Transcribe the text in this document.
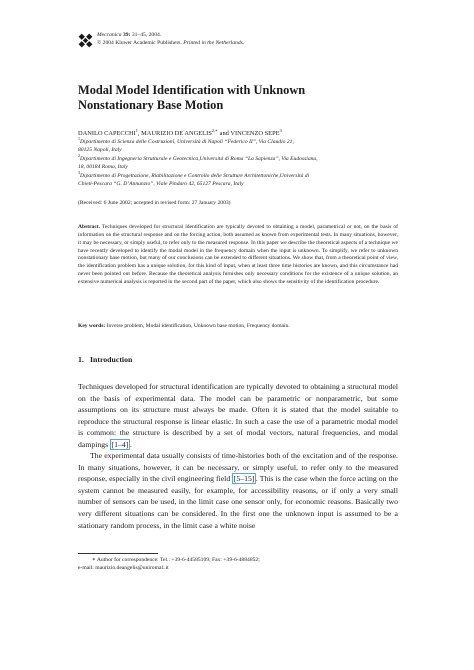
Meccanica 39: 31–45, 2004.
© 2004 Kluwer Academic Publishers. Printed in the Netherlands.
Modal Model Identification with Unknown
Nonstationary Base Motion
DANILO CAPECCHI$^1$, MAURIZIO DE $ANGELIS^{2,∗}$ and VINCENZO SEPE$^3$
$^1$Dipartimento di Scienza delle Costruzioni, Università di Napoli “Federico II”, Via Claudio 21,
80125 Napoli, Italy
$^2$Dipartimento di Ingegneria Strutturale e Geotecnica,Università di Roma “La Sapienza”, Via Eudossiana,
18, 00184 Roma, Italy
$^3$Dipartimento di Progettazione, Riabilitazione e Controllo delle Strutture Architettoniche,Università di
Chieti-Pescara “G. D’Annunzio”, Viale Pindaro 42, 65127 Pescara, Italy
(Received: 6 June 2002; accepted in revised form: 27 January 2003)
Abstract. Techniques developed for structural identification are typically devoted to obtaining a model, parametrical or not, on the basis of information on the structural response and on the forcing action, both assumed as known from experimental tests. In many situations, however, it may be necessary, or simply useful, to refer only to the measured response. In this paper we describe the theoretical aspects of a technique we have recently developed to identify the modal model in the frequency domain when the input is unknown. To simplify, we refer to unknown nonstationary base motion, but many of our conclusions can be extended to different situations. We show that, from a theoretical point of view, the identification problem has a unique solution, for this kind of input, when at least three time histories are known, and this circumstance had never been pointed out before. Because the theoretical analysis furnishes only necessary conditions for the existence of a unique solution, an extensive numerical analysis is reported in the second part of the paper, which also shows the sensitivity of the identification procedure.
Key words: Inverse problem, Modal identification, Unknown base motion, Frequency domain.
1. Introduction

Techniques developed for structural identification are typically devoted to obtaining a structural model on the basis of experimental data. The model can be parametric or nonparametric, but some assumptions on its structure must always be made. Often it is stated that the model suitable to reproduce the structural response is linear elastic. In such a case the use of a parametric modal model is common: the structure is described by a set of modal vectors, natural frequencies, and modal dampings [1–4] .

The experimental data usually consists of time-histories both of the excitation and of the response. In many situations, however, it can be necessary, or simply useful, to refer only to the measured response, especially in the civil engineering field [5–15] . This is the case when the force acting on the system cannot be measured easily, for example, for accessibility reasons, or if only a very small number of sensors can be used, in the limit case one sensor only, for economic reasons. Basically two very different situations can be considered. In the first one the unknown input is assumed to be a stationary random process, in the limit case a white noise

∗ Author for correspondence: Tel.: +39-6-44585109; Fax: +39-6-4884852;
e-mail: maurizio.deangelis@uniroma1.it
